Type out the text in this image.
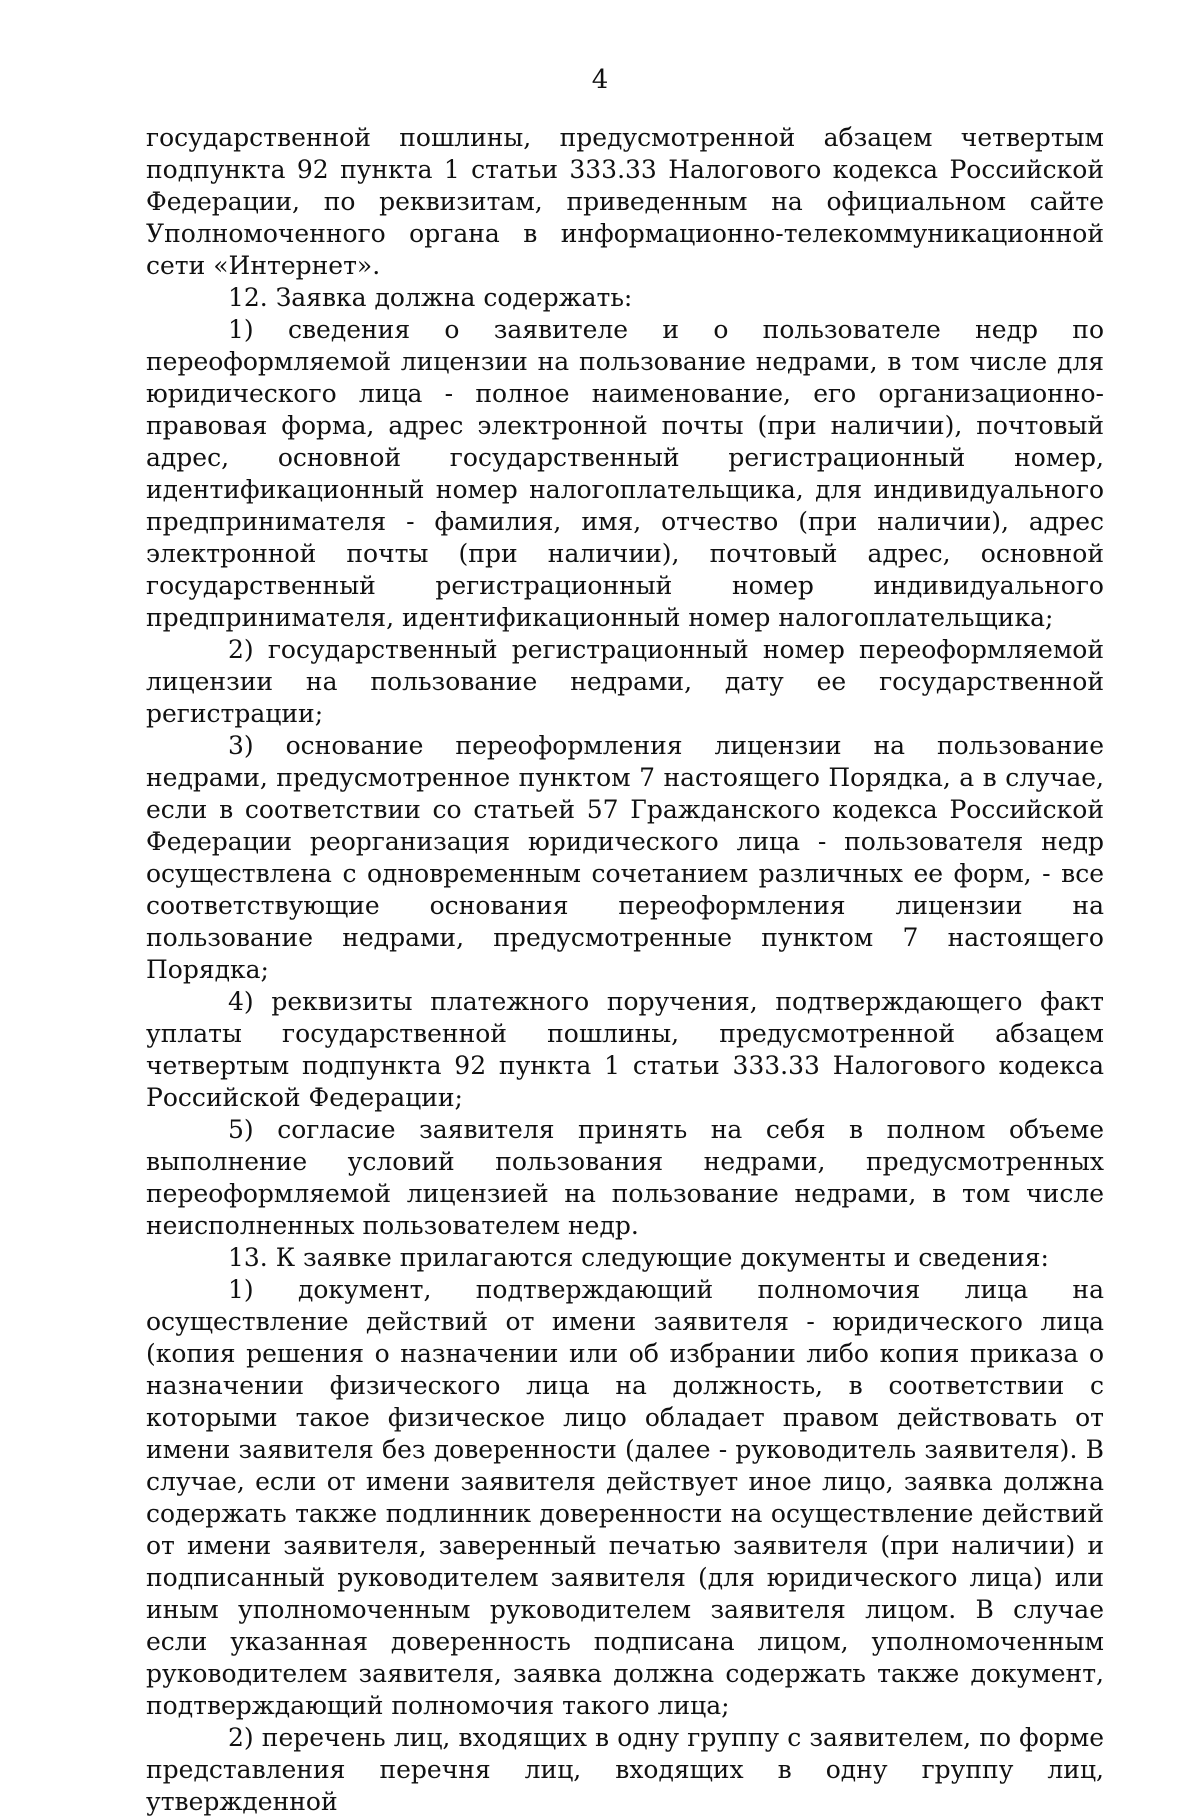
4

государственной пошлины, предусмотренной абзацем четвертым подпункта 92 пункта 1 статьи 333.33 Налогового кодекса Российской Федерации, по реквизитам, приведенным на официальном сайте Уполномоченного органа в информационно-телекоммуникационной сети «Интернет».

12. Заявка должна содержать:

1) сведения о заявителе и о пользователе недр по переоформляемой лицензии на пользование недрами, в том числе для юридического лица - полное наименование, его организационно-правовая форма, адрес электронной почты (при наличии), почтовый адрес, основной государственный регистрационный номер, идентификационный номер налогоплательщика, для индивидуального предпринимателя - фамилия, имя, отчество (при наличии), адрес электронной почты (при наличии), почтовый адрес, основной государственный регистрационный номер индивидуального предпринимателя, идентификационный номер налогоплательщика;

2) государственный регистрационный номер переоформляемой лицензии на пользование недрами, дату ее государственной регистрации;

3) основание переоформления лицензии на пользование недрами, предусмотренное пунктом 7 настоящего Порядка, а в случае, если в соответствии со статьей 57 Гражданского кодекса Российской Федерации реорганизация юридического лица - пользователя недр осуществлена с одновременным сочетанием различных ее форм, - все соответствующие основания переоформления лицензии на пользование недрами, предусмотренные пунктом 7 настоящего Порядка;

4) реквизиты платежного поручения, подтверждающего факт уплаты государственной пошлины, предусмотренной абзацем четвертым подпункта 92 пункта 1 статьи 333.33 Налогового кодекса Российской Федерации;

5) согласие заявителя принять на себя в полном объеме выполнение условий пользования недрами, предусмотренных переоформляемой лицензией на пользование недрами, в том числе неисполненных пользователем недр.

13. К заявке прилагаются следующие документы и сведения:

1) документ, подтверждающий полномочия лица на осуществление действий от имени заявителя - юридического лица (копия решения о назначении или об избрании либо копия приказа о назначении физического лица на должность, в соответствии с которыми такое физическое лицо обладает правом действовать от имени заявителя без доверенности (далее - руководитель заявителя). В случае, если от имени заявителя действует иное лицо, заявка должна содержать также подлинник доверенности на осуществление действий от имени заявителя, заверенный печатью заявителя (при наличии) и подписанный руководителем заявителя (для юридического лица) или иным уполномоченным руководителем заявителя лицом. В случае если указанная доверенность подписана лицом, уполномоченным руководителем заявителя, заявка должна содержать также документ, подтверждающий полномочия такого лица;

2) перечень лиц, входящих в одну группу с заявителем, по форме представления перечня лиц, входящих в одну группу лиц, утвержденной
